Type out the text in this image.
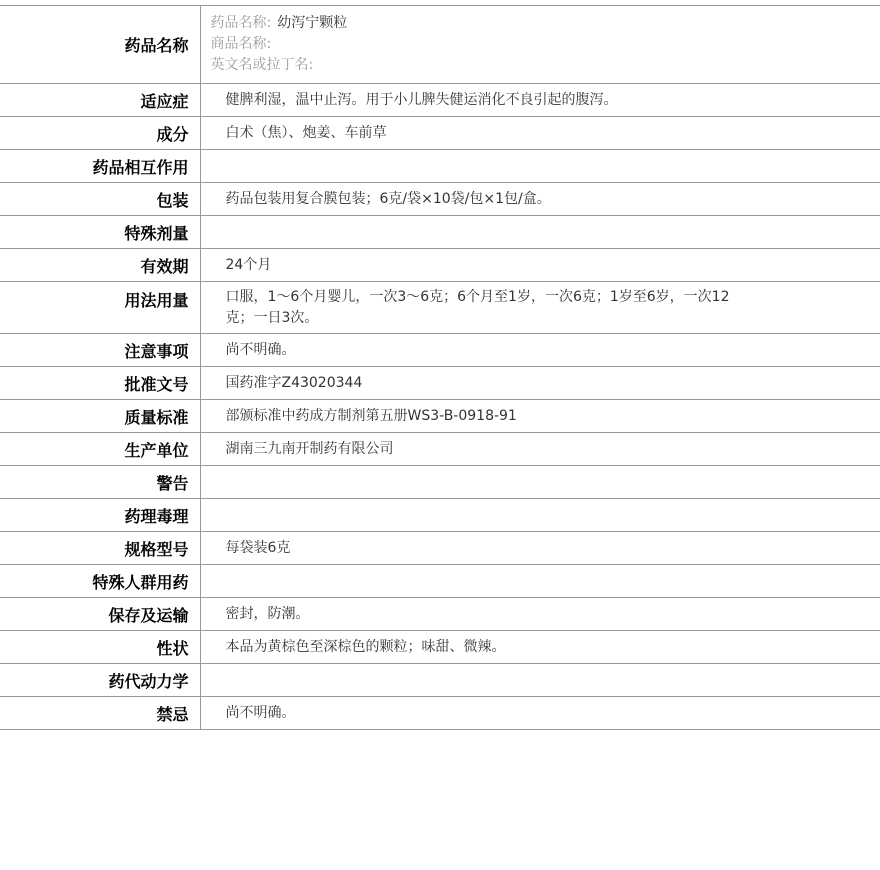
药品名称	药品名称: 幼泻宁颗粒
商品名称:
英文名或拉丁名:

适应症	健脾利湿，温中止泻。用于小儿脾失健运消化不良引起的腹泻。

成分	白术（焦）、炮姜、车前草

药品相互作用	

包装	药品包装用复合膜包装；6克/袋×10袋/包×1包/盒。

特殊剂量	

有效期	24个月

用法用量	口服，1～6个月婴儿，一次3～6克；6个月至1岁，一次6克；1岁至6岁，一次12克；一日3次。

注意事项	尚不明确。

批准文号	国药准字Z43020344

质量标准	部颁标准中药成方制剂第五册WS3-B-0918-91

生产单位	湖南三九南开制药有限公司

警告	

药理毒理	

规格型号	每袋装6克

特殊人群用药	

保存及运输	密封，防潮。

性状	本品为黄棕色至深棕色的颗粒；味甜、微辣。

药代动力学	

禁忌	尚不明确。
